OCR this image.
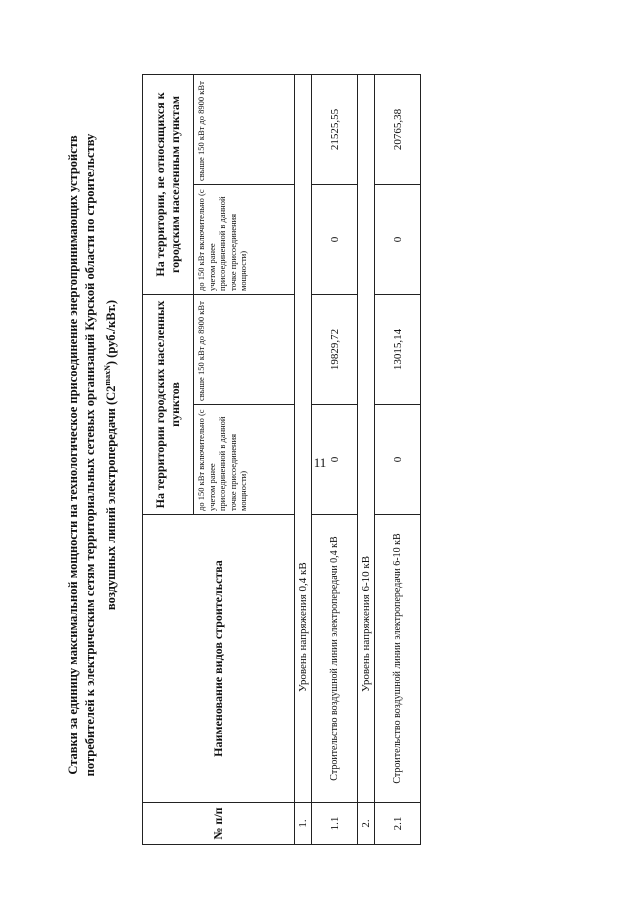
11
Ставки за единицу максимальной мощности на технологическое присоединение энергопринимающих устройств потребителей к электрическим сетям территориальных сетевых организаций Курской области по строительству воздушных линий электропередачи $(С2^{maxN})$ (руб./кВт.)
№ п/п	Наименование видов строительства	На территории городских населенных пунктов		На территории, не относящихся к городским населенным пунктам	
		до 150 кВт включительно (с учетом ранее присоединенной в данной точке присоединения мощности)	свыше 150 кВт до 8900 кВт	до 150 кВт включительно (с учетом ранее присоединенной в данной точке присоединения мощности)	свыше 150 кВт до 8900 кВт
1.	Уровень напряжения 0,4 кВ				
1.1	Строительство воздушной линии электропередачи 0,4 кВ	0	19829,72	0	21525,55
2.	Уровень напряжения 6-10 кВ				
2.1	Строительство воздушной линии электропередачи 6-10 кВ	0	13015,14	0	20765,38
